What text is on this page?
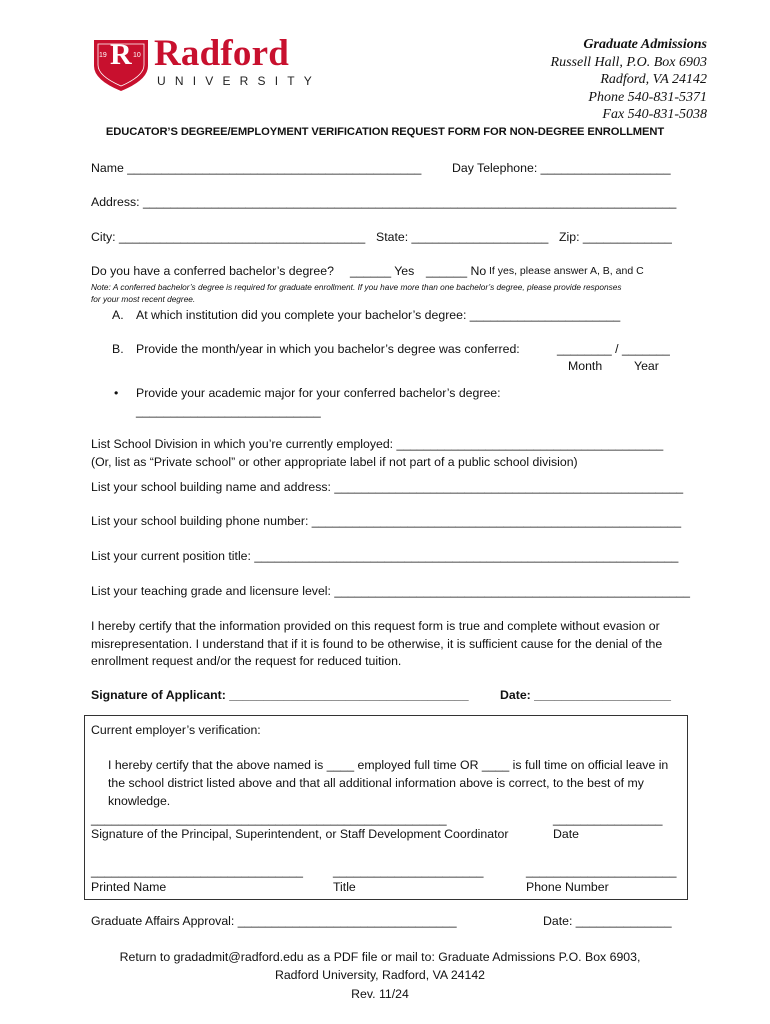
R
19	10 Radford
UNIVERSITY
Graduate Admissions
Russell Hall, P.O. Box 6903
Radford, VA 24142
Phone 540-831-5371
Fax 540-831-5038
EDUCATOR’S DEGREE/EMPLOYMENT VERIFICATION REQUEST FORM FOR NON-DEGREE ENROLLMENT
Name ___________________________________________ Day Telephone: ___________________
Address: ______________________________________________________________________________
City: ____________________________________ State: ____________________ Zip: _____________
Do you have a conferred bachelor’s degree? ______ Yes ______ No If yes, please answer A, B, and C
Note: A conferred bachelor’s degree is required for graduate enrollment. If you have more than one bachelor’s degree, please provide responses
for your most recent degree.
A. At which institution did you complete your bachelor’s degree: ______________________
B. Provide the month/year in which you bachelor’s degree was conferred:	________ / _______
Month	Year
• Provide your academic major for your conferred bachelor’s degree:
___________________________
List School Division in which you’re currently employed: _______________________________________
(Or, list as “Private school” or other appropriate label if not part of a public school division)
List your school building name and address: ___________________________________________________
List your school building phone number: ______________________________________________________
List your current position title: ______________________________________________________________
List your teaching grade and licensure level: ____________________________________________________
I hereby certify that the information provided on this request form is true and complete without evasion or misrepresentation. I understand that if it is found to be otherwise, it is sufficient cause for the denial of the enrollment request and/or the request for reduced tuition.
Signature of Applicant: ___________________________________	Date: ____________________
Current employer’s verification:
I hereby certify that the above named is ____ employed full time OR ____ is full time on official leave in the school district listed above and that all additional information above is correct, to the best of my knowledge.
____________________________________________________	________________
Signature of the Principal, Superintendent, or Staff Development Coordinator	Date
_______________________________ ______________________	______________________
Printed Name	Title	Phone Number
Graduate Affairs Approval: ________________________________	Date: ______________
Return to gradadmit@radford.edu as a PDF file or mail to: Graduate Admissions P.O. Box 6903, Radford University, Radford, VA 24142
Rev. 11/24
